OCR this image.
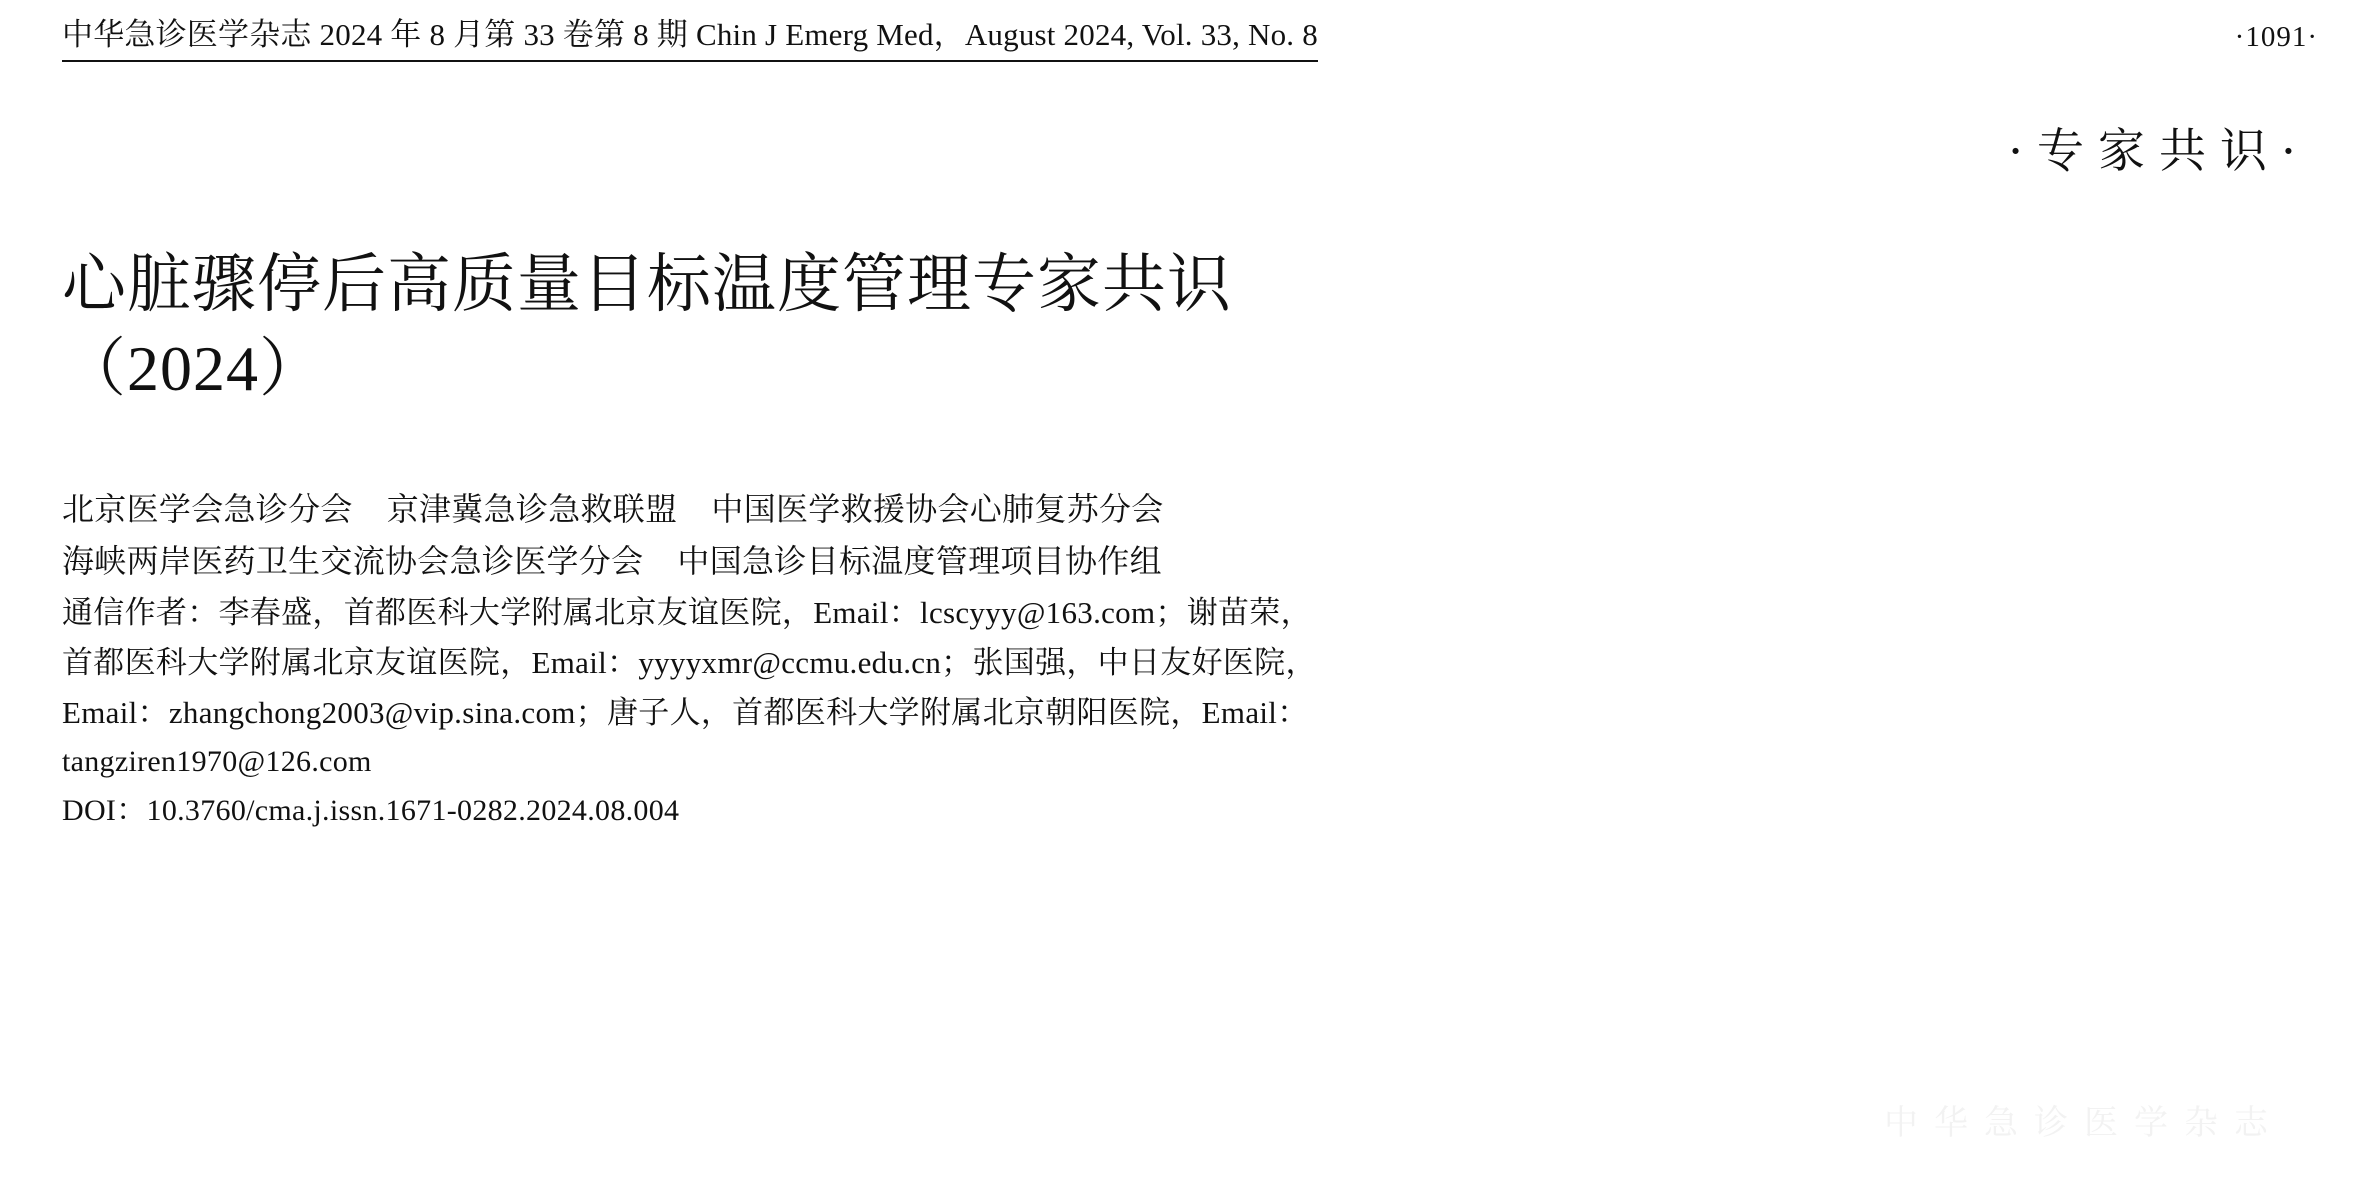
中华急诊医学杂志 2024 年 8 月第 33 卷第 8 期 Chin J Emerg Med，August 2024, Vol. 33, No. 8	·1091·
·专家共识·
心脏骤停后高质量目标温度管理专家共识
（2024）
北京医学会急诊分会 京津冀急诊急救联盟 中国医学救援协会心肺复苏分会
海峡两岸医药卫生交流协会急诊医学分会 中国急诊目标温度管理项目协作组
通信作者：李春盛，首都医科大学附属北京友谊医院，Email：lcscyyy@163.com；谢苗荣，
首都医科大学附属北京友谊医院，Email：yyyyxmr@ccmu.edu.cn；张国强，中日友好医院，
Email：zhangchong2003@vip.sina.com；唐子人，首都医科大学附属北京朝阳医院，Email：
tangziren1970@126.com
DOI：10.3760/cma.j.issn.1671-0282.2024.08.004
中华急诊医学杂志
